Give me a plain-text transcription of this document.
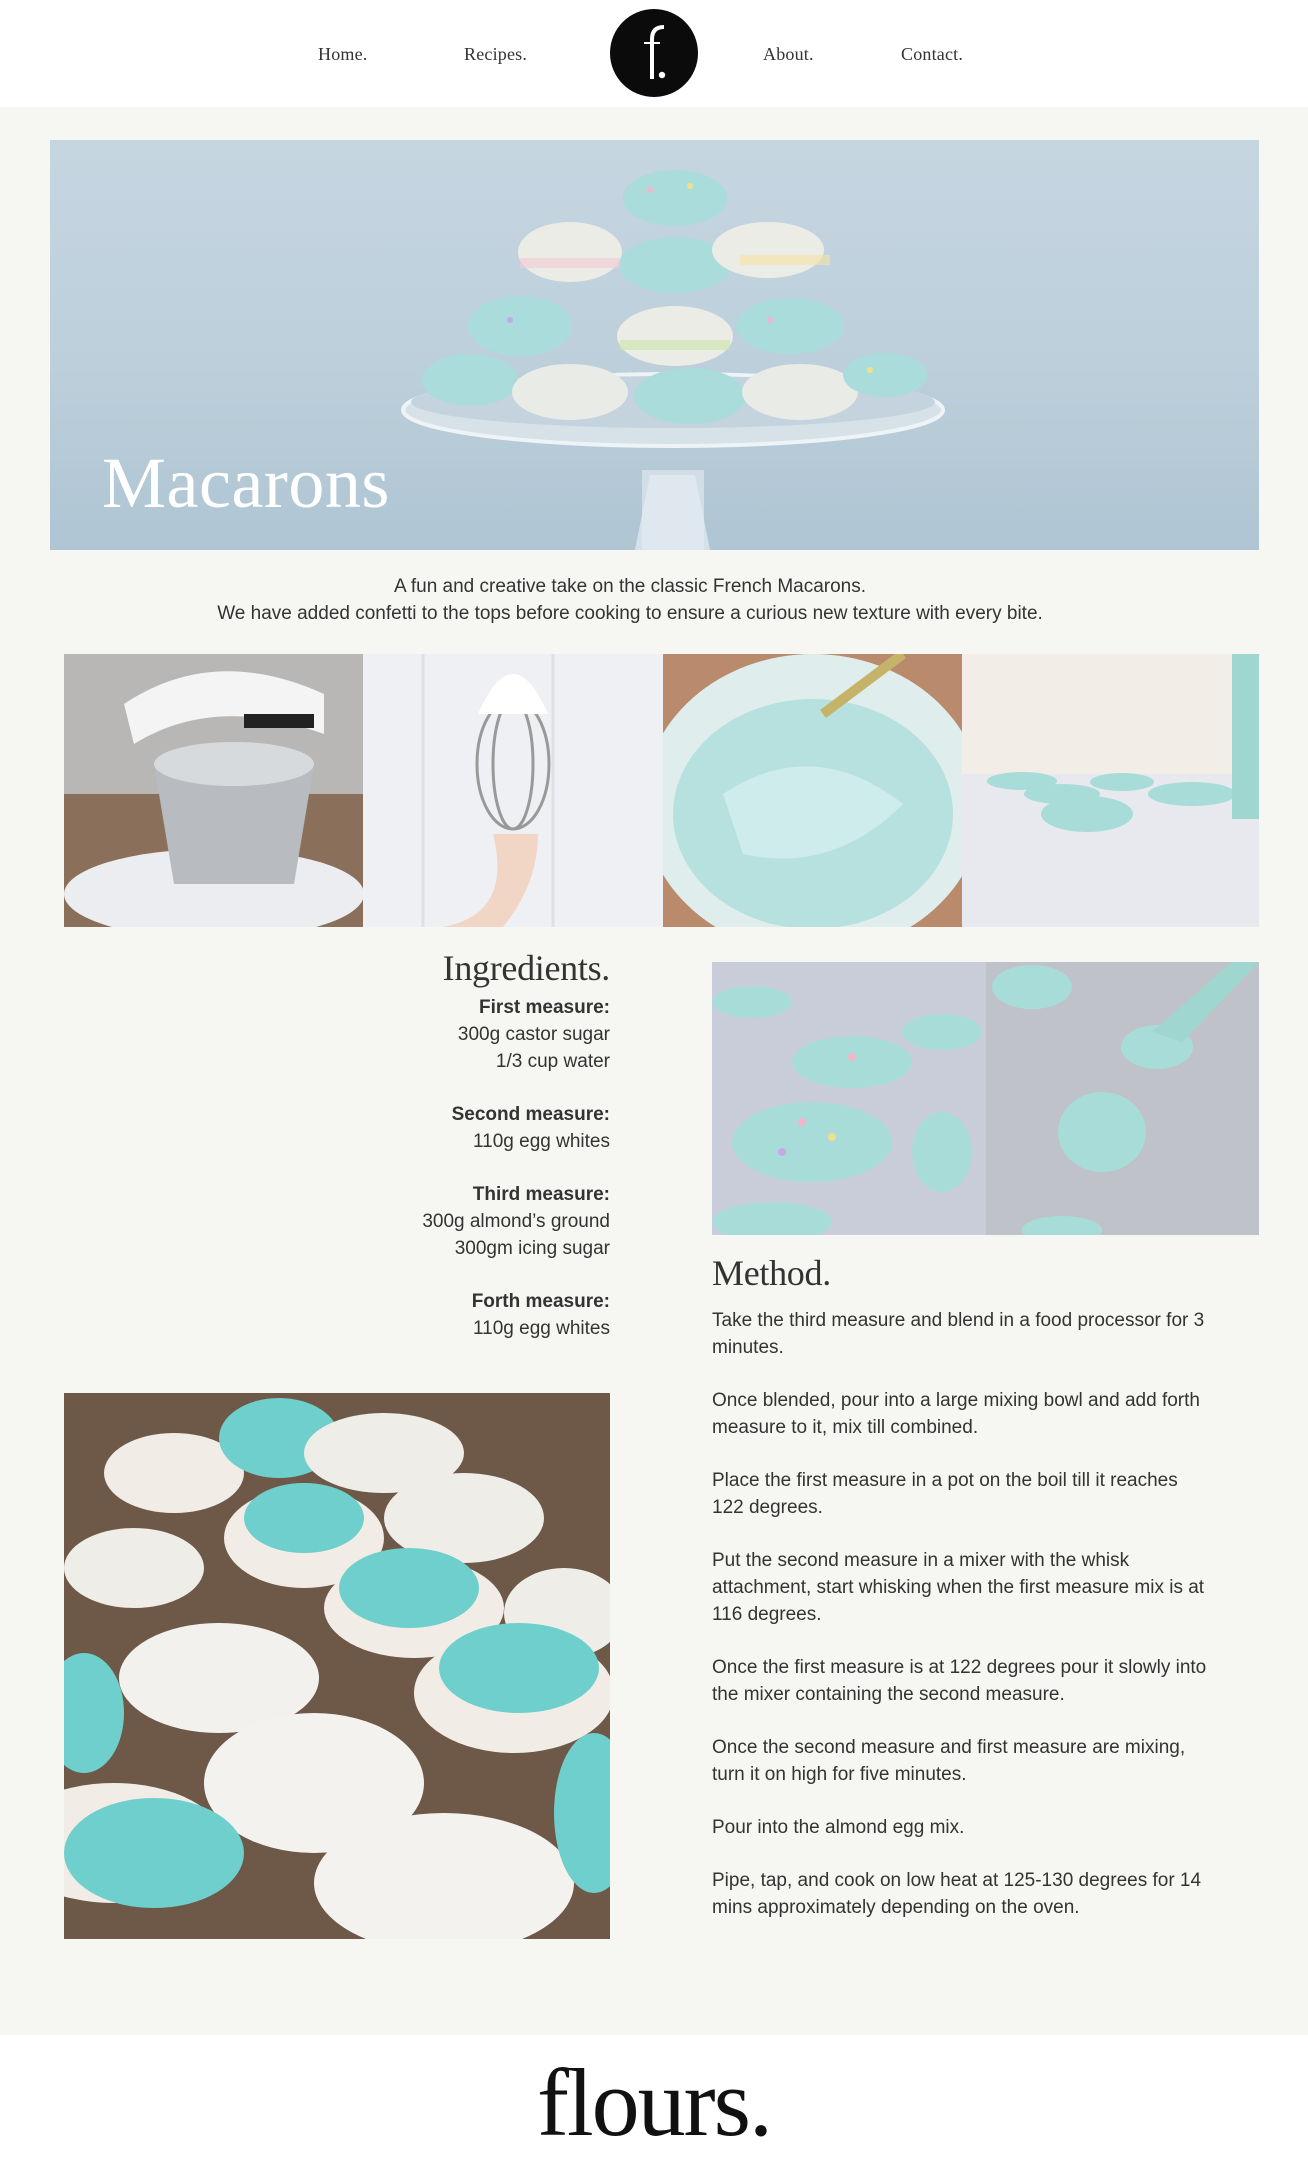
Home.	Recipes.	About.	Contact.
Macarons

A fun and creative take on the classic French Macarons.

We have added confetti to the tops before cooking to ensure a curious new texture with every bite.

Ingredients.
First measure:
300g castor sugar
1/3 cup water
Second measure:
110g egg whites
Third measure:
300g almond’s ground
300gm icing sugar
Forth measure:
110g egg whites
Method.

Take the third measure and blend in a food processor for 3 minutes.

Once blended, pour into a large mixing bowl and add forth measure to it, mix till combined.

Place the first measure in a pot on the boil till it reaches 122 degrees.

Put the second measure in a mixer with the whisk attachment, start whisking when the first measure mix is at 116 degrees.

Once the first measure is at 122 degrees pour it slowly into the mixer containing the second measure.

Once the second measure and first measure are mixing, turn it on high for five minutes.

Pour into the almond egg mix.

Pipe, tap, and cook on low heat at 125-130 degrees for 14 mins approximately depending on the oven.

flours.
